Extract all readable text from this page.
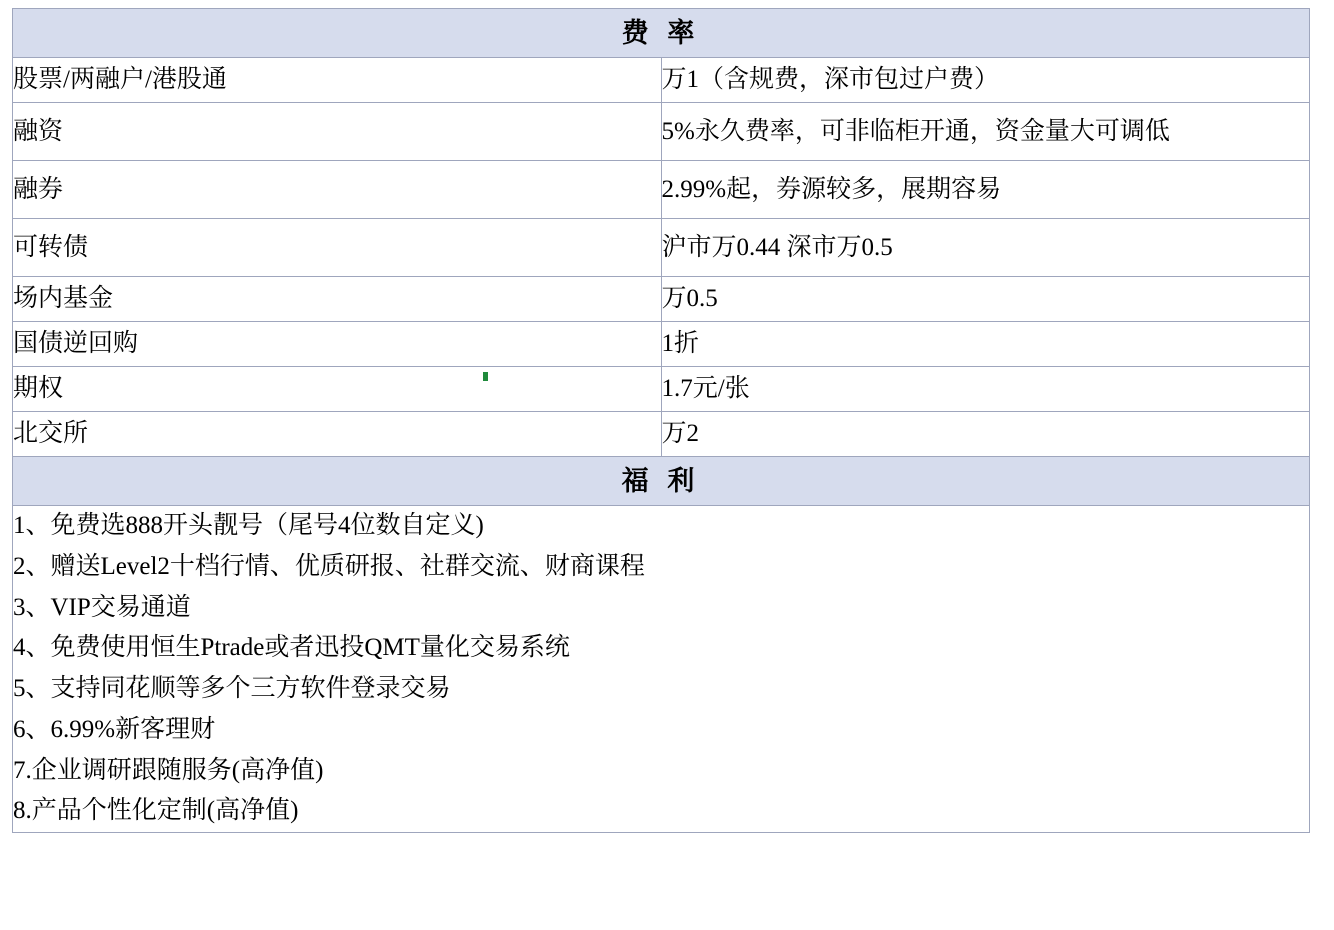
费 率	
股票/两融户/港股通	万1（含规费，深市包过户费）
融资	5%永久费率，可非临柜开通，资金量大可调低
融券	2.99%起，券源较多，展期容易
可转债	沪市万0.44 深市万0.5
场内基金	万0.5
国债逆回购	1折
期权	1.7元/张
北交所	万2
福 利	

1、免费选888开头靓号（尾号4位数自定义)
2、赠送Level2十档行情、优质研报、社群交流、财商课程
3、VIP交易通道
4、免费使用恒生Ptrade或者迅投QMT量化交易系统
5、支持同花顺等多个三方软件登录交易
6、6.99%新客理财
7.企业调研跟随服务(高净值)
8.产品个性化定制(高净值)
